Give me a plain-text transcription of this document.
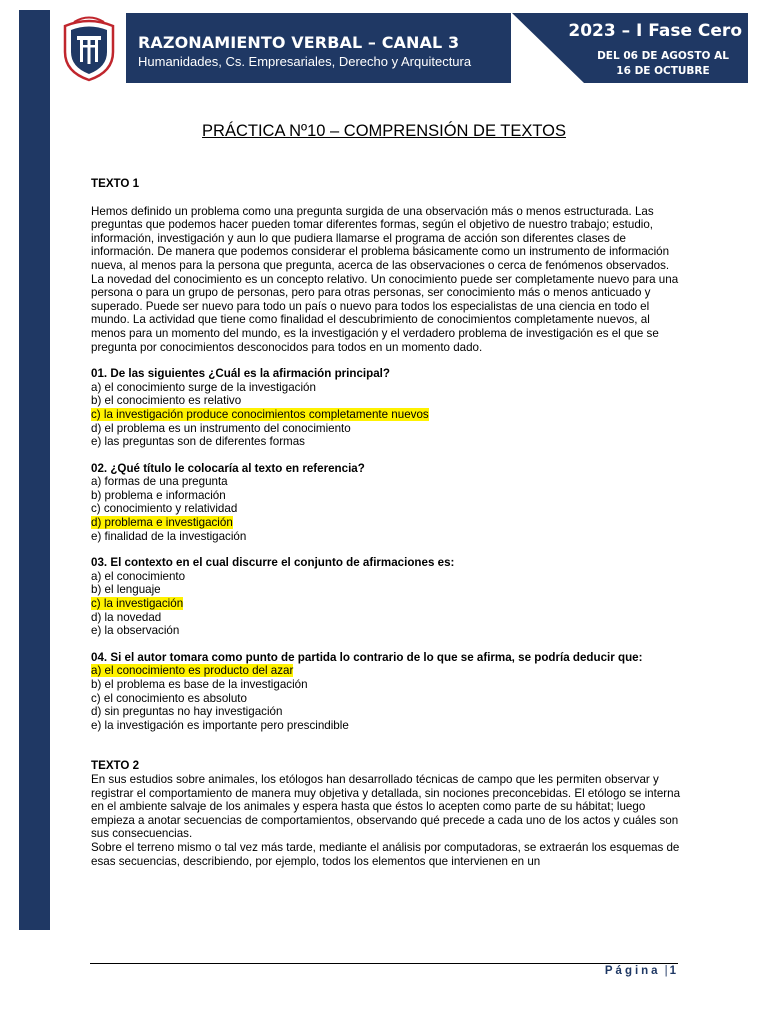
RAZONAMIENTO VERBAL – CANAL 3
Humanidades, Cs. Empresariales, Derecho y Arquitectura
2023 – I Fase Cero
DEL 06 DE AGOSTO AL
16 DE OCTUBRE
PRÁCTICA Nº10 – COMPRENSIÓN DE TEXTOS

TEXTO 1

Hemos definido un problema como una pregunta surgida de una observación más o menos estructurada. Las preguntas que podemos hacer pueden tomar diferentes formas, según el objetivo de nuestro trabajo; estudio, información, investigación y aun lo que pudiera llamarse el programa de acción son diferentes clases de información. De manera que podemos considerar el problema básicamente como un instrumento de información nueva, al menos para la persona que pregunta, acerca de las observaciones o cerca de fenómenos observados.

La novedad del conocimiento es un concepto relativo. Un conocimiento puede ser completamente nuevo para una persona o para un grupo de personas, pero para otras personas, ser conocimiento más o menos anticuado y superado. Puede ser nuevo para todo un país o nuevo para todos los especialistas de una ciencia en todo el mundo. La actividad que tiene como finalidad el descubrimiento de conocimientos completamente nuevos, al menos para un momento del mundo, es la investigación y el verdadero problema de investigación es el que se pregunta por conocimientos desconocidos para todos en un momento dado.

01. De las siguientes ¿Cuál es la afirmación principal?

a) el conocimiento surge de la investigación

b) el conocimiento es relativo

c) la investigación produce conocimientos completamente nuevos

d) el problema es un instrumento del conocimiento

e) las preguntas son de diferentes formas

02. ¿Qué título le colocaría al texto en referencia?

a) formas de una pregunta

b) problema e información

c) conocimiento y relatividad

d) problema e investigación

e) finalidad de la investigación

03. El contexto en el cual discurre el conjunto de afirmaciones es:

a) el conocimiento

b) el lenguaje

c) la investigación

d) la novedad

e) la observación

04. Si el autor tomara como punto de partida lo contrario de lo que se afirma, se podría deducir que:

a) el conocimiento es producto del azar

b) el problema es base de la investigación

c) el conocimiento es absoluto

d) sin preguntas no hay investigación

e) la investigación es importante pero prescindible

TEXTO 2

En sus estudios sobre animales, los etólogos han desarrollado técnicas de campo que les permiten observar y registrar el comportamiento de manera muy objetiva y detallada, sin nociones preconcebidas. El etólogo se interna en el ambiente salvaje de los animales y espera hasta que éstos lo acepten como parte de su hábitat; luego empieza a anotar secuencias de comportamientos, observando qué precede a cada uno de los actos y cuáles son sus consecuencias.

Sobre el terreno mismo o tal vez más tarde, mediante el análisis por computadoras, se extraerán los esquemas de esas secuencias, describiendo, por ejemplo, todos los elementos que intervienen en un

Página | 1
